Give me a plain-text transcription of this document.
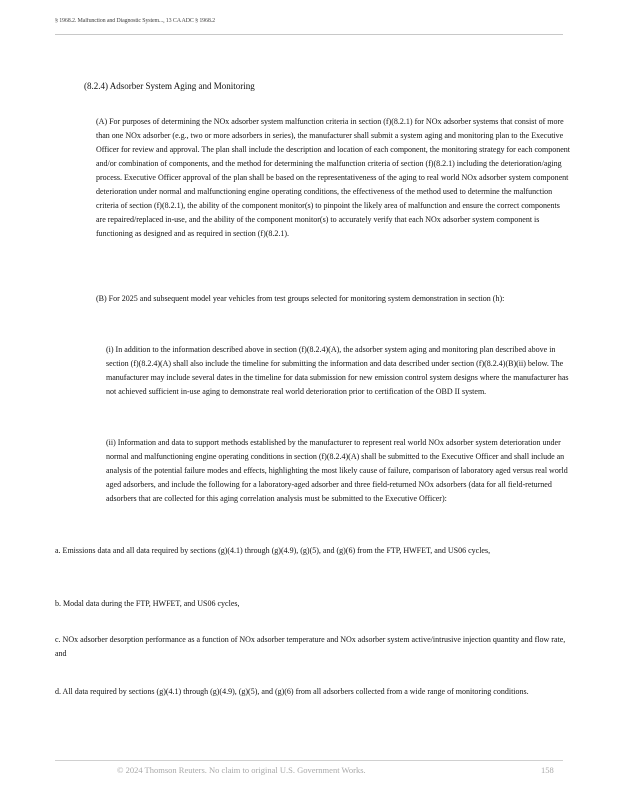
§ 1968.2. Malfunction and Diagnostic System..., 13 CA ADC § 1968.2
(8.2.4) Adsorber System Aging and Monitoring

(A) For purposes of determining the NOx adsorber system malfunction criteria in section (f)(8.2.1) for NOx adsorber systems that consist of more than one NOx adsorber (e.g., two or more adsorbers in series), the manufacturer shall submit a system aging and monitoring plan to the Executive Officer for review and approval. The plan shall include the description and location of each component, the monitoring strategy for each component and/or combination of components, and the method for determining the malfunction criteria of section (f)(8.2.1) including the deterioration/aging process. Executive Officer approval of the plan shall be based on the representativeness of the aging to real world NOx adsorber system component deterioration under normal and malfunctioning engine operating conditions, the effectiveness of the method used to determine the malfunction criteria of section (f)(8.2.1), the ability of the component monitor(s) to pinpoint the likely area of malfunction and ensure the correct components are repaired/replaced in-use, and the ability of the component monitor(s) to accurately verify that each NOx adsorber system component is functioning as designed and as required in section (f)(8.2.1).

(B) For 2025 and subsequent model year vehicles from test groups selected for monitoring system demonstration in section (h):

(i) In addition to the information described above in section (f)(8.2.4)(A), the adsorber system aging and monitoring plan described above in section (f)(8.2.4)(A) shall also include the timeline for submitting the information and data described under section (f)(8.2.4)(B)(ii) below. The manufacturer may include several dates in the timeline for data submission for new emission control system designs where the manufacturer has not achieved sufficient in-use aging to demonstrate real world deterioration prior to certification of the OBD II system.

(ii) Information and data to support methods established by the manufacturer to represent real world NOx adsorber system deterioration under normal and malfunctioning engine operating conditions in section (f)(8.2.4)(A) shall be submitted to the Executive Officer and shall include an analysis of the potential failure modes and effects, highlighting the most likely cause of failure, comparison of laboratory aged versus real world aged adsorbers, and include the following for a laboratory-aged adsorber and three field-returned NOx adsorbers (data for all field-returned adsorbers that are collected for this aging correlation analysis must be submitted to the Executive Officer):

a. Emissions data and all data required by sections (g)(4.1) through (g)(4.9), (g)(5), and (g)(6) from the FTP, HWFET, and US06 cycles,

b. Modal data during the FTP, HWFET, and US06 cycles,

c. NOx adsorber desorption performance as a function of NOx adsorber temperature and NOx adsorber system active/intrusive injection quantity and flow rate, and

d. All data required by sections (g)(4.1) through (g)(4.9), (g)(5), and (g)(6) from all adsorbers collected from a wide range of monitoring conditions.

© 2024 Thomson Reuters. No claim to original U.S. Government Works.	158
